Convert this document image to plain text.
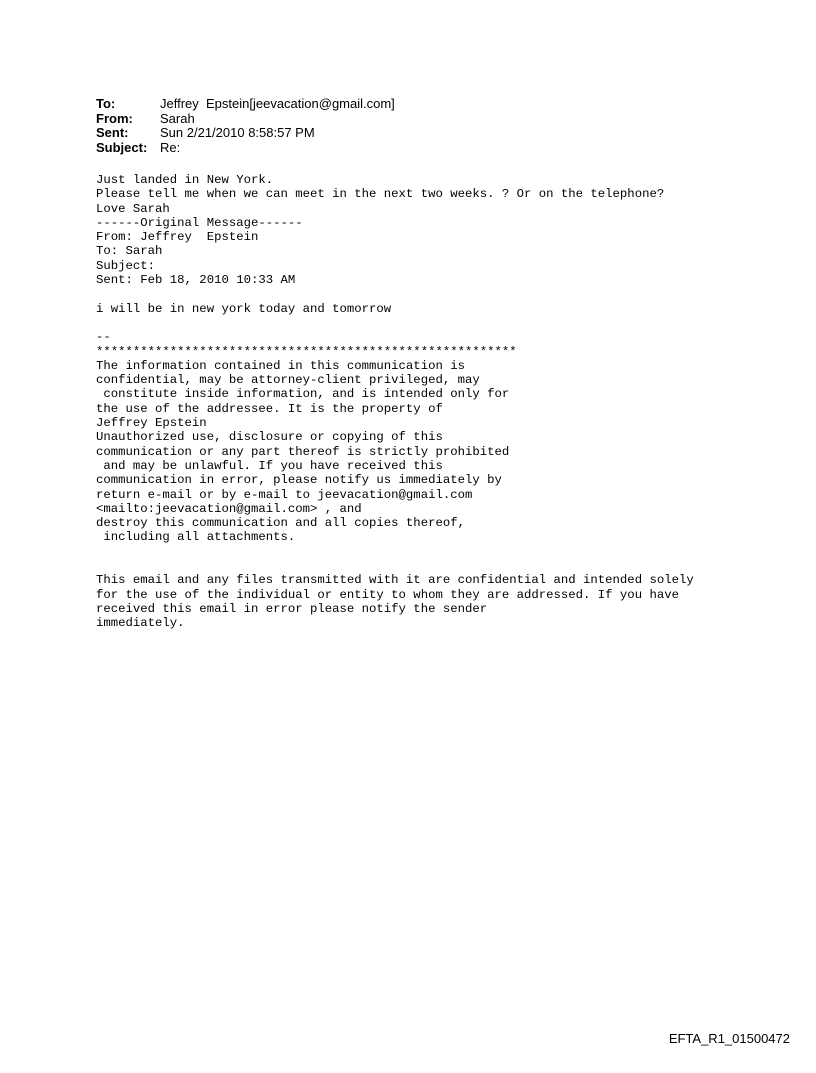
To:	Jeffrey  Epstein[jeevacation@gmail.com]
From:	Sarah
Sent:	Sun 2/21/2010 8:58:57 PM
Subject: Re:
Just landed in New York.
Please tell me when we can meet in the next two weeks. ? Or on the telephone?
Love Sarah
------Original Message------
From: Jeffrey  Epstein
To: Sarah
Subject:
Sent: Feb 18, 2010 10:33 AM
i will be in new york today and tomorrow
--
*********************************************************
The information contained in this communication is
confidential, may be attorney-client privileged, may
constitute inside information, and is intended only for
the use of the addressee. It is the property of
Jeffrey Epstein
Unauthorized use, disclosure or copying of this
communication or any part thereof is strictly prohibited
and may be unlawful. If you have received this
communication in error, please notify us immediately by
return e-mail or by e-mail to jeevacation@gmail.com
<mailto:jeevacation@gmail.com> , and
destroy this communication and all copies thereof,
including all attachments.
This email and any files transmitted with it are confidential and intended solely
for the use of the individual or entity to whom they are addressed. If you have
received this email in error please notify the sender
immediately.
EFTA_R1_01500472
